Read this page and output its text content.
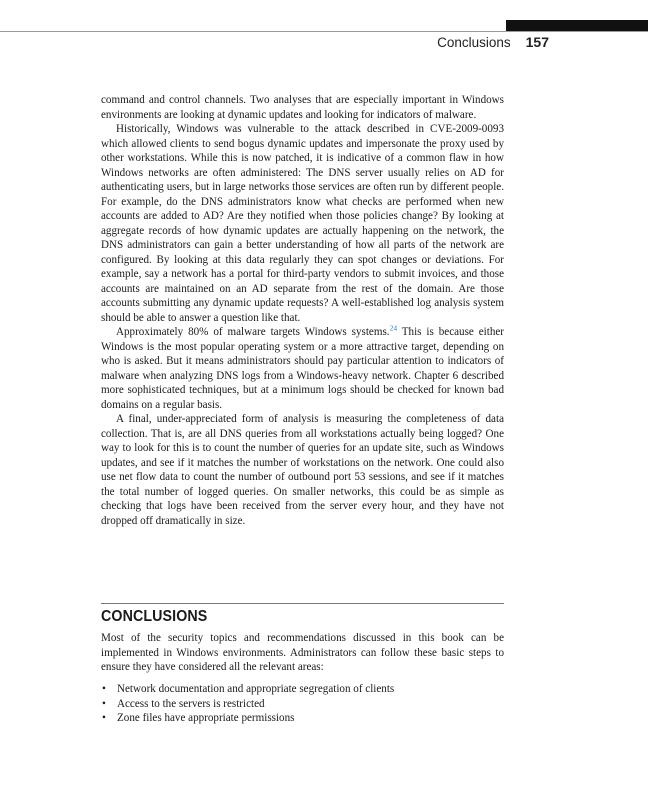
Conclusions 157

command and control channels. Two analyses that are especially important in Windows environments are looking at dynamic updates and looking for indicators of malware.

Historically, Windows was vulnerable to the attack described in CVE-2009-0093 which allowed clients to send bogus dynamic updates and impersonate the proxy used by other workstations. While this is now patched, it is indicative of a common flaw in how Windows networks are often administered: The DNS server usually relies on AD for authenticating users, but in large networks those services are often run by different people. For example, do the DNS administrators know what checks are performed when new accounts are added to AD? Are they notified when those policies change? By looking at aggregate records of how dynamic updates are actually happening on the network, the DNS administrators can gain a better understanding of how all parts of the network are configured. By looking at this data regularly they can spot changes or deviations. For example, say a network has a portal for third-party vendors to submit invoices, and those accounts are maintained on an AD separate from the rest of the domain. Are those accounts submitting any dynamic update requests? A well-established log analysis system should be able to answer a question like that.

Approximately 80% of malware targets Windows systems.$^{24}$ This is because either Windows is the most popular operating system or a more attractive target, depending on who is asked. But it means administrators should pay particular attention to indicators of malware when analyzing DNS logs from a Windows-heavy network. Chapter 6 described more sophisticated techniques, but at a minimum logs should be checked for known bad domains on a regular basis.

A final, under-appreciated form of analysis is measuring the completeness of data collection. That is, are all DNS queries from all workstations actually being logged? One way to look for this is to count the number of queries for an update site, such as Windows updates, and see if it matches the number of workstations on the network. One could also use net flow data to count the number of outbound port 53 sessions, and see if it matches the total number of logged queries. On smaller networks, this could be as simple as checking that logs have been received from the server every hour, and they have not dropped off dramatically in size.

CONCLUSIONS

Most of the security topics and recommendations discussed in this book can be implemented in Windows environments. Administrators can follow these basic steps to ensure they have considered all the relevant areas:

• Network documentation and appropriate segregation of clients
• Access to the servers is restricted
• Zone files have appropriate permissions
